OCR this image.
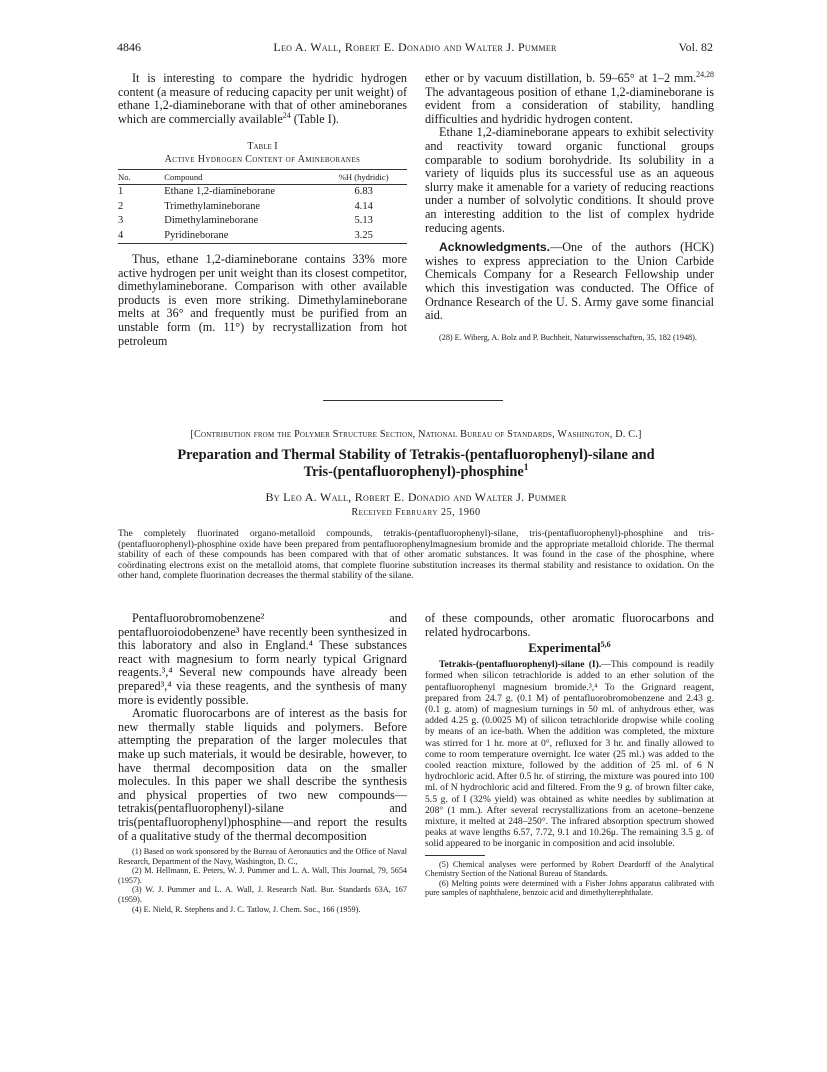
4846	Leo A. Wall, Robert E. Donadio and Walter J. Pummer	Vol. 82
It is interesting to compare the hydridic hydrogen content (a measure of reducing capacity per unit weight) of ethane 1,2-diamineborane with that of other amineboranes which are commercially available$^{24}$ (Table I).
Table I
Active Hydrogen Content of Amineboranes
No.	Compound	%H (hydridic)
1	Ethane 1,2-diamineborane	6.83
2	Trimethylamineborane	4.14
3	Dimethylamineborane	5.13
4	Pyridineborane	3.25
Thus, ethane 1,2-diamineborane contains 33% more active hydrogen per unit weight than its closest competitor, dimethylamineborane. Comparison with other available products is even more striking. Dimethylamineborane melts at 36° and frequently must be purified from an unstable form (m. 11°) by recrystallization from hot petroleum
ether or by vacuum distillation, b. 59–65° at 1–2 mm.$^{24,28}$ The advantageous position of ethane 1,2-diamineborane is evident from a consideration of stability, handling difficulties and hydridic hydrogen content.
Ethane 1,2-diamineborane appears to exhibit selectivity and reactivity toward organic functional groups comparable to sodium borohydride. Its solubility in a variety of liquids plus its successful use as an aqueous slurry make it amenable for a variety of reducing reactions under a number of solvolytic conditions. It should prove an interesting addition to the list of complex hydride reducing agents.
Acknowledgments.—One of the authors (HCK) wishes to express appreciation to the Union Carbide Chemicals Company for a Research Fellowship under which this investigation was conducted. The Office of Ordnance Research of the U. S. Army gave some financial aid.
(28) E. Wiberg, A. Bolz and P. Buchheit, Naturwissenschaften, 35, 182 (1948).
[Contribution from the Polymer Structure Section, National Bureau of Standards, Washington, D. C.]
Preparation and Thermal Stability of Tetrakis-(pentafluorophenyl)-silane and
Tris-(pentafluorophenyl)-phosphine$^1$
By Leo A. Wall, Robert E. Donadio and Walter J. Pummer
Received February 25, 1960
The completely fluorinated organo-metalloid compounds, tetrakis-(pentafluorophenyl)-silane, tris-(pentafluorophenyl)-phosphine and tris-(pentafluorophenyl)-phosphine oxide have been prepared from pentafluorophenylmagnesium bromide and the appropriate metalloid chloride. The thermal stability of each of these compounds has been compared with that of other aromatic substances. It was found in the case of the phosphine, where coördinating electrons exist on the metalloid atoms, that complete fluorine substitution increases its thermal stability and resistance to oxidation. On the other hand, complete fluorination decreases the thermal stability of the silane.
Pentafluorobromobenzene² and pentafluoroiodobenzene³ have recently been synthesized in this laboratory and also in England.⁴ These substances react with magnesium to form nearly typical Grignard reagents.³,⁴ Several new compounds have already been prepared³,⁴ via these reagents, and the synthesis of many more is evidently possible.
Aromatic fluorocarbons are of interest as the basis for new thermally stable liquids and polymers. Before attempting the preparation of the larger molecules that make up such materials, it would be desirable, however, to have thermal decomposition data on the smaller molecules. In this paper we shall describe the synthesis and physical properties of two new compounds—tetrakis(pentafluorophenyl)-silane and tris(pentafluorophenyl)phosphine—and report the results of a qualitative study of the thermal decomposition
(1) Based on work sponsored by the Bureau of Aeronautics and the Office of Naval Research, Department of the Navy, Washington, D. C.,
(2) M. Hellmann, E. Peters, W. J. Pummer and L. A. Wall, This Journal, 79, 5654 (1957).
(3) W. J. Pummer and L. A. Wall, J. Research Natl. Bur. Standards 63A, 167 (1959).
(4) E. Nield, R. Stephens and J. C. Tatlow, J. Chem. Soc., 166 (1959).
of these compounds, other aromatic fluorocarbons and related hydrocarbons.
Experimental$^{5,6}$
Tetrakis-(pentafluorophenyl)-silane (I).—This compound is readily formed when silicon tetrachloride is added to an ether solution of the pentafluorophenyl magnesium bromide.³,⁴ To the Grignard reagent, prepared from 24.7 g. (0.1 M) of pentafluorobromobenzene and 2.43 g. (0.1 g. atom) of magnesium turnings in 50 ml. of anhydrous ether, was added 4.25 g. (0.0025 M) of silicon tetrachloride dropwise while cooling by means of an ice-bath. When the addition was completed, the mixture was stirred for 1 hr. more at 0°, refluxed for 3 hr. and finally allowed to come to room temperature overnight. Ice water (25 ml.) was added to the cooled reaction mixture, followed by the addition of 25 ml. of 6 N hydrochloric acid. After 0.5 hr. of stirring, the mixture was poured into 100 ml. of N hydrochloric acid and filtered. From the 9 g. of brown filter cake, 5.5 g. of I (32% yield) was obtained as white needles by sublimation at 208° (1 mm.). After several recrystallizations from an acetone–benzene mixture, it melted at 248–250°. The infrared absorption spectrum showed peaks at wave lengths 6.57, 7.72, 9.1 and 10.26μ. The remaining 3.5 g. of solid appeared to be inorganic in composition and acid insoluble.
(5) Chemical analyses were performed by Robert Deardorff of the Analytical Chemistry Section of the National Bureau of Standards.
(6) Melting points were determined with a Fisher Johns apparatus calibrated with pure samples of naphthalene, benzoic acid and dimethylterephthalate.
